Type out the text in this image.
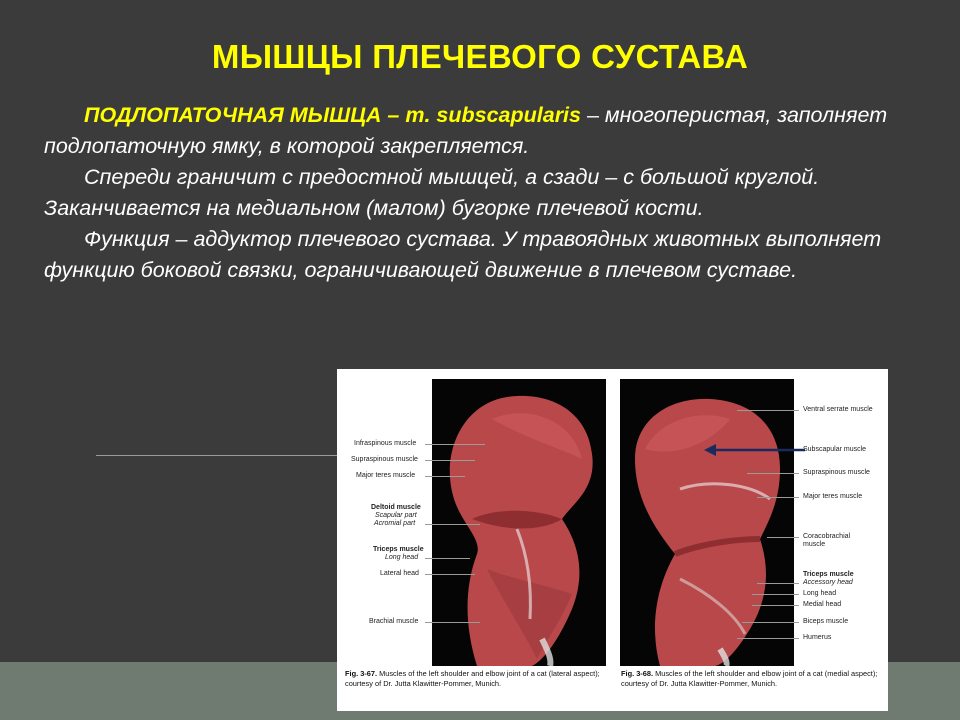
МЫШЦЫ ПЛЕЧЕВОГО СУСТАВА

ПОДЛОПАТОЧНАЯ МЫШЦА – m. subscapularis – многоперистая, заполняет подлопаточную ямку, в которой закрепляется.

Спереди граничит с предостной мышцей, а сзади – с большой круглой. Заканчивается на медиальном (малом) бугорке плечевой кости.

Функция – аддуктор плечевого сустава. У травоядных животных выполняет функцию боковой связки, ограничивающей движение в плечевом суставе.

Infraspinous muscle
Supraspinous muscle
Major teres muscle
Deltoid muscle
Scapular part
Acromial part
Triceps muscle
Long head
Lateral head
Brachial muscle
Ventral serrate muscle
Subscapular muscle
Supraspinous muscle
Major teres muscle
Coracobrachial
muscle
Triceps muscle
Accessory head
Long head
Medial head
Biceps muscle
Humerus
Fig. 3-67. Muscles of the left shoulder and elbow joint of a cat (lateral aspect); courtesy of Dr. Jutta Klawitter-Pommer, Munich.
Fig. 3-68. Muscles of the left shoulder and elbow joint of a cat (medial aspect); courtesy of Dr. Jutta Klawitter-Pommer, Munich.
